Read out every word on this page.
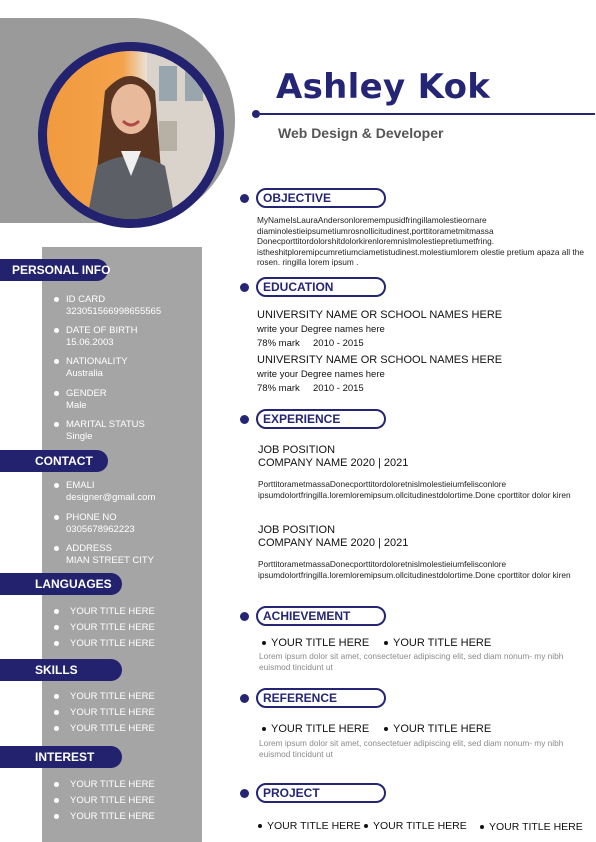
Ashley Kok
Web Design & Developer
PERSONAL INFO
ID CARD
323051566998655565
DATE OF BIRTH
15.06.2003
NATIONALITY
Australia
GENDER
Male
MARITAL STATUS
Single
CONTACT
EMALI
designer@gmail.com
PHONE NO
0305678962223
ADDRESS
MIAN STREET CITY
LANGUAGES
YOUR TITLE HERE
YOUR TITLE HERE
YOUR TITLE HERE
SKILLS
YOUR TITLE HERE
YOUR TITLE HERE
YOUR TITLE HERE
INTEREST
YOUR TITLE HERE
YOUR TITLE HERE
YOUR TITLE HERE
OBJECTIVE
MyNameIsLauraAndersonloremempusidfringillamolestieornare diaminolestieipsumetiumrosnollicitudinest,porttitorametmitmassa Donecporttitordolorshitdolorkirenloremnislmolestiepretiumetfring. istheshitploremipcumretiumciametistudinest.molestiumlorem olestie pretium apaza all the rosen. ringilla lorem ipsum .
EDUCATION
UNIVERSITY NAME OR SCHOOL NAMES HERE
write your Degree names here
78% mark 2010 - 2015
UNIVERSITY NAME OR SCHOOL NAMES HERE
write your Degree names here
78% mark 2010 - 2015
EXPERIENCE
JOB POSITION
COMPANY NAME 2020 | 2021
PorttitorametmassaDonecporttitordoloretnislmolestieiumfelisconlore ipsumdolortfringilla.loremloremipsum.ollcitudinestdolortime.Done cporttitor dolor kiren
JOB POSITION
COMPANY NAME 2020 | 2021
PorttitorametmassaDonecporttitordoloretnislmolestieiumfelisconlore ipsumdolortfringilla.loremloremipsum.ollcitudinestdolortime.Done cporttitor dolor kiren
ACHIEVEMENT
YOUR TITLE HERE	YOUR TITLE HERE
Lorem ipsum dolor sit amet, consectetuer adipiscing elit, sed diam nonum- my nibh euismod tincidunt ut
REFERENCE
YOUR TITLE HERE	YOUR TITLE HERE
Lorem ipsum dolor sit amet, consectetuer adipiscing elit, sed diam nonum- my nibh euismod tincidunt ut
PROJECT
YOUR TITLE HERE	YOUR TITLE HERE	YOUR TITLE HERE
